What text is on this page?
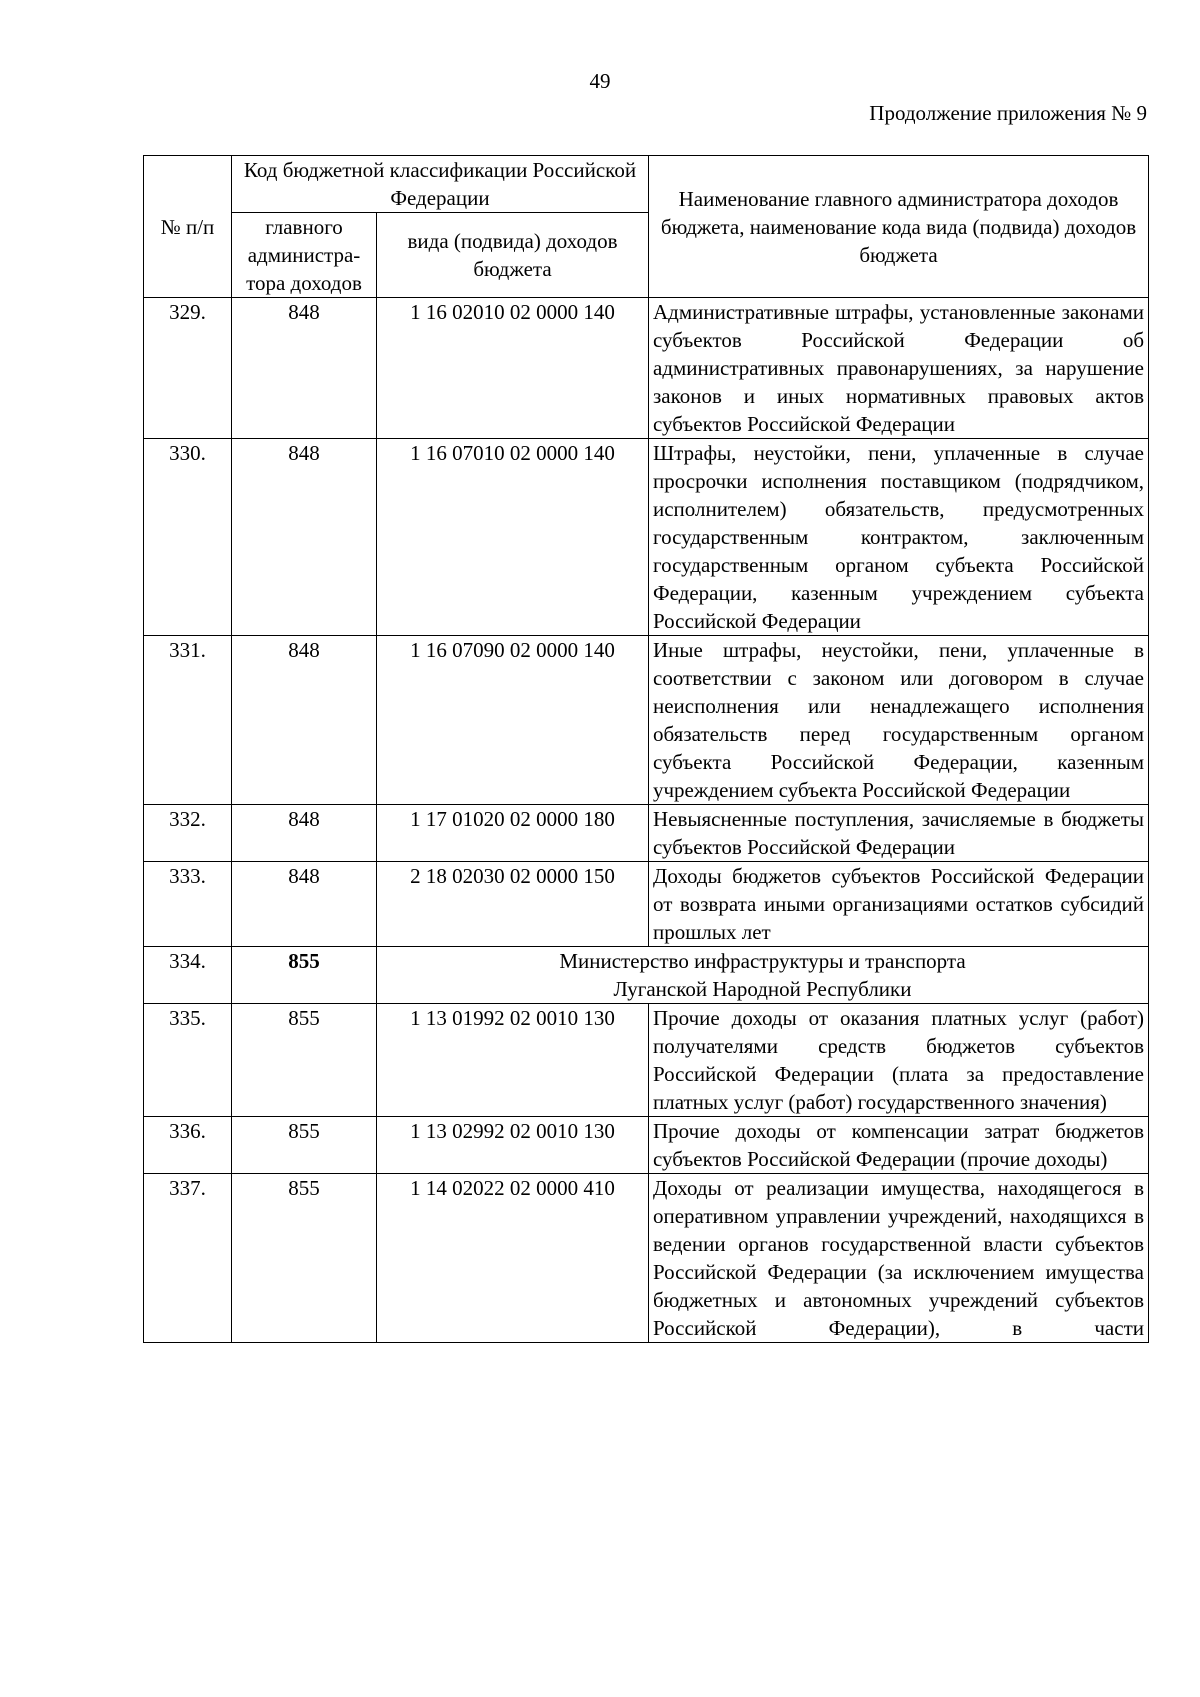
49
Продолжение приложения № 9
№ п/п	Код бюджетной классификации Российской Федерации		Наименование главного администратора доходов бюджета, наименование кода вида (подвида) доходов бюджета
	главного администра-тора доходов	вида (подвида) доходов бюджета	
329.	848	1 16 02010 02 0000 140	Административные штрафы, установленные законами субъектов Российской Федерации об административных правонарушениях, за нарушение законов и иных нормативных правовых актов субъектов Российской Федерации
330.	848	1 16 07010 02 0000 140	Штрафы, неустойки, пени, уплаченные в случае просрочки исполнения поставщиком (подрядчиком, исполнителем) обязательств, предусмотренных государственным контрактом, заключенным государственным органом субъекта Российской Федерации, казенным учреждением субъекта Российской Федерации
331.	848	1 16 07090 02 0000 140	Иные штрафы, неустойки, пени, уплаченные в соответствии с законом или договором в случае неисполнения или ненадлежащего исполнения обязательств перед государственным органом субъекта Российской Федерации, казенным учреждением субъекта Российской Федерации
332.	848	1 17 01020 02 0000 180	Невыясненные поступления, зачисляемые в бюджеты субъектов Российской Федерации
333.	848	2 18 02030 02 0000 150	Доходы бюджетов субъектов Российской Федерации от возврата иными организациями остатков субсидий прошлых лет
334.	855	Министерство инфраструктуры и транспорта
Луганской Народной Республики	

335.	855	1 13 01992 02 0010 130	Прочие доходы от оказания платных услуг (работ) получателями средств бюджетов субъектов Российской Федерации (плата за предоставление платных услуг (работ) государственного значения)
336.	855	1 13 02992 02 0010 130	Прочие доходы от компенсации затрат бюджетов субъектов Российской Федерации (прочие доходы)
337.	855	1 14 02022 02 0000 410	Доходы от реализации имущества, находящегося в оперативном управлении учреждений, находящихся в ведении органов государственной власти субъектов Российской Федерации (за исключением имущества бюджетных и автономных учреждений субъектов Российской Федерации), в части
